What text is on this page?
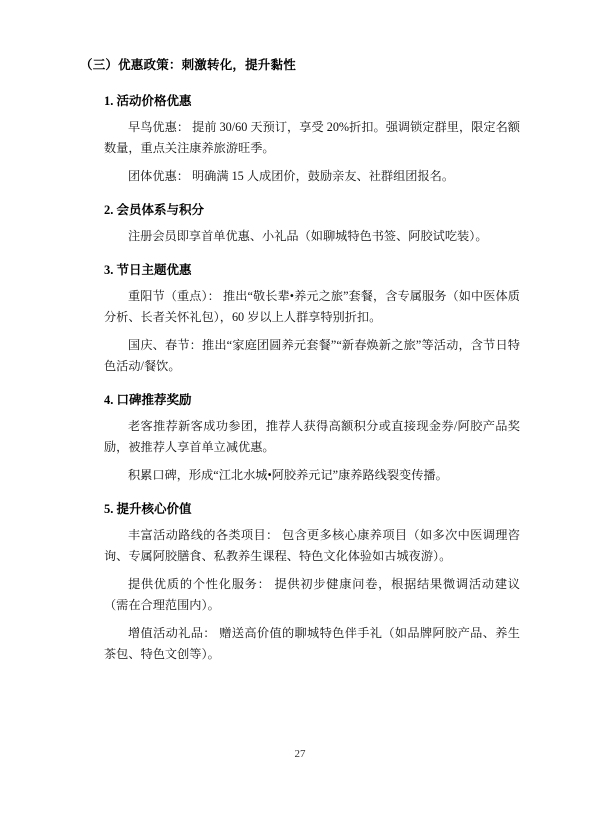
（三）优惠政策：刺激转化，提升黏性

1. 活动价格优惠

早鸟优惠： 提前 30/60 天预订，享受 20%折扣。强调锁定群里，限定名额数量，重点关注康养旅游旺季。

团体优惠： 明确满 15 人成团价，鼓励亲友、社群组团报名。

2. 会员体系与积分

注册会员即享首单优惠、小礼品（如聊城特色书签、阿胶试吃装）。

3. 节日主题优惠

重阳节（重点）： 推出“敬长辈•养元之旅”套餐，含专属服务（如中医体质分析、长者关怀礼包），60 岁以上人群享特别折扣。

国庆、春节：推出“家庭团圆养元套餐”“新春焕新之旅”等活动，含节日特色活动/餐饮。

4. 口碑推荐奖励

老客推荐新客成功参团，推荐人获得高额积分或直接现金券/阿胶产品奖励，被推荐人享首单立减优惠。

积累口碑，形成“江北水城•阿胶养元记”康养路线裂变传播。

5. 提升核心价值

丰富活动路线的各类项目： 包含更多核心康养项目（如多次中医调理咨询、专属阿胶膳食、私教养生课程、特色文化体验如古城夜游）。

提供优质的个性化服务： 提供初步健康问卷，根据结果微调活动建议（需在合理范围内）。

增值活动礼品： 赠送高价值的聊城特色伴手礼（如品牌阿胶产品、养生茶包、特色文创等）。

27
